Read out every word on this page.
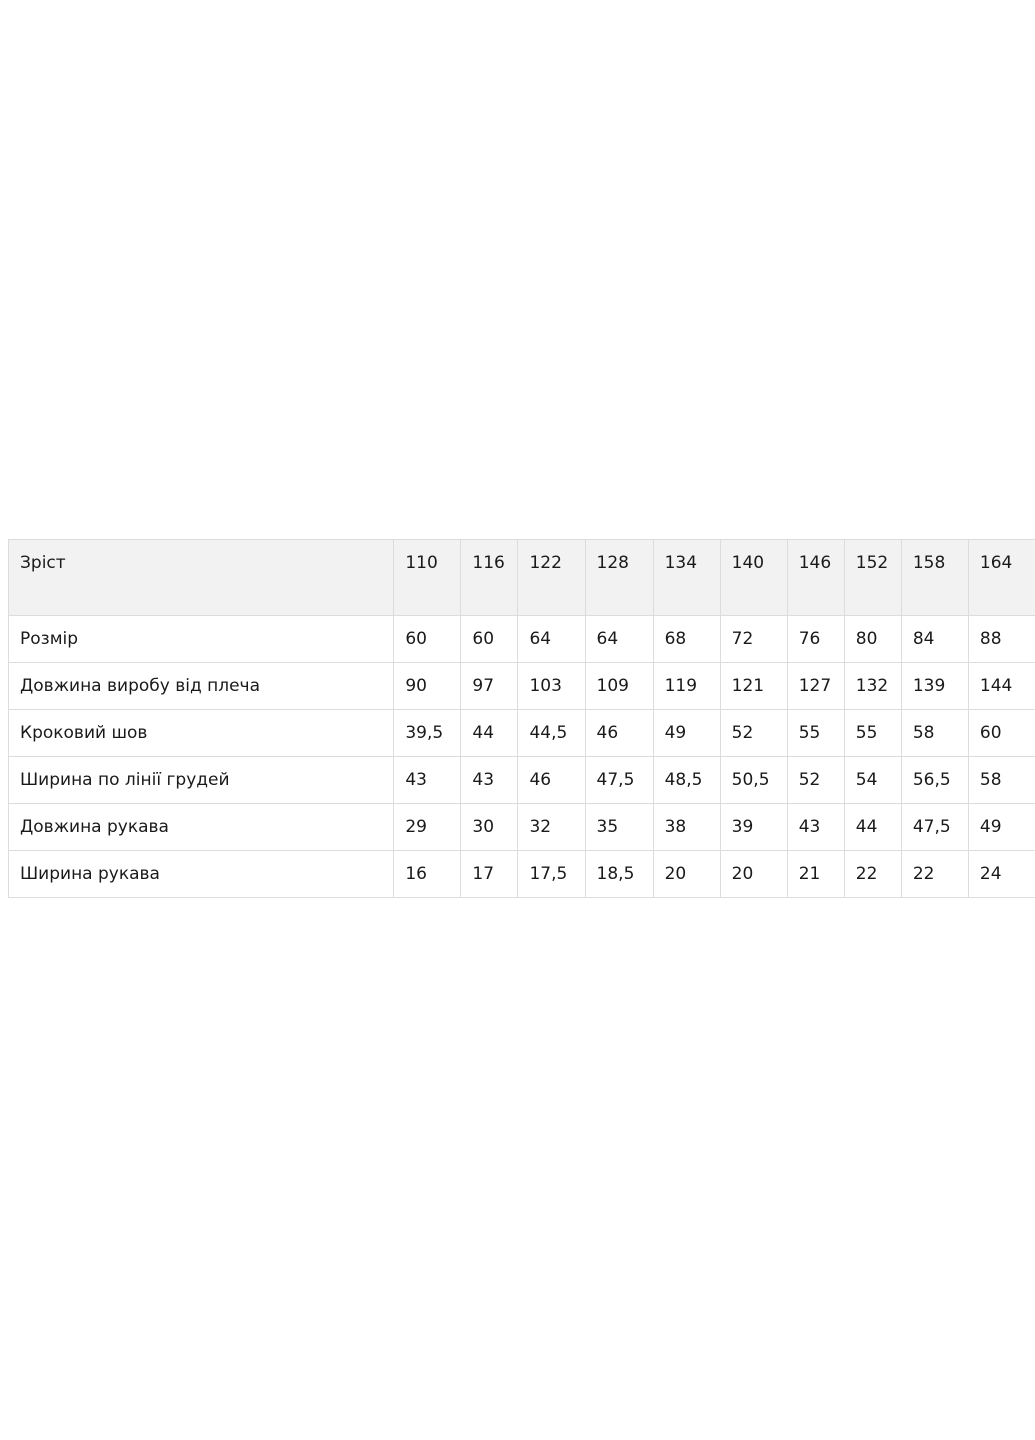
Зріст	110	116	122	128	134	140	146	152	158	164	
Розмір	60	60	64	64	68	72	76	80	84	88	
Довжина виробу від плеча	90	97	103	109	119	121	127	132	139	144	
Кроковий шов	39,5	44	44,5	46	49	52	55	55	58	60	
Ширина по лінії грудей	43	43	46	47,5	48,5	50,5	52	54	56,5	58	
Довжина рукава	29	30	32	35	38	39	43	44	47,5	49	
Ширина рукава	16	17	17,5	18,5	20	20	21	22	22	24	
